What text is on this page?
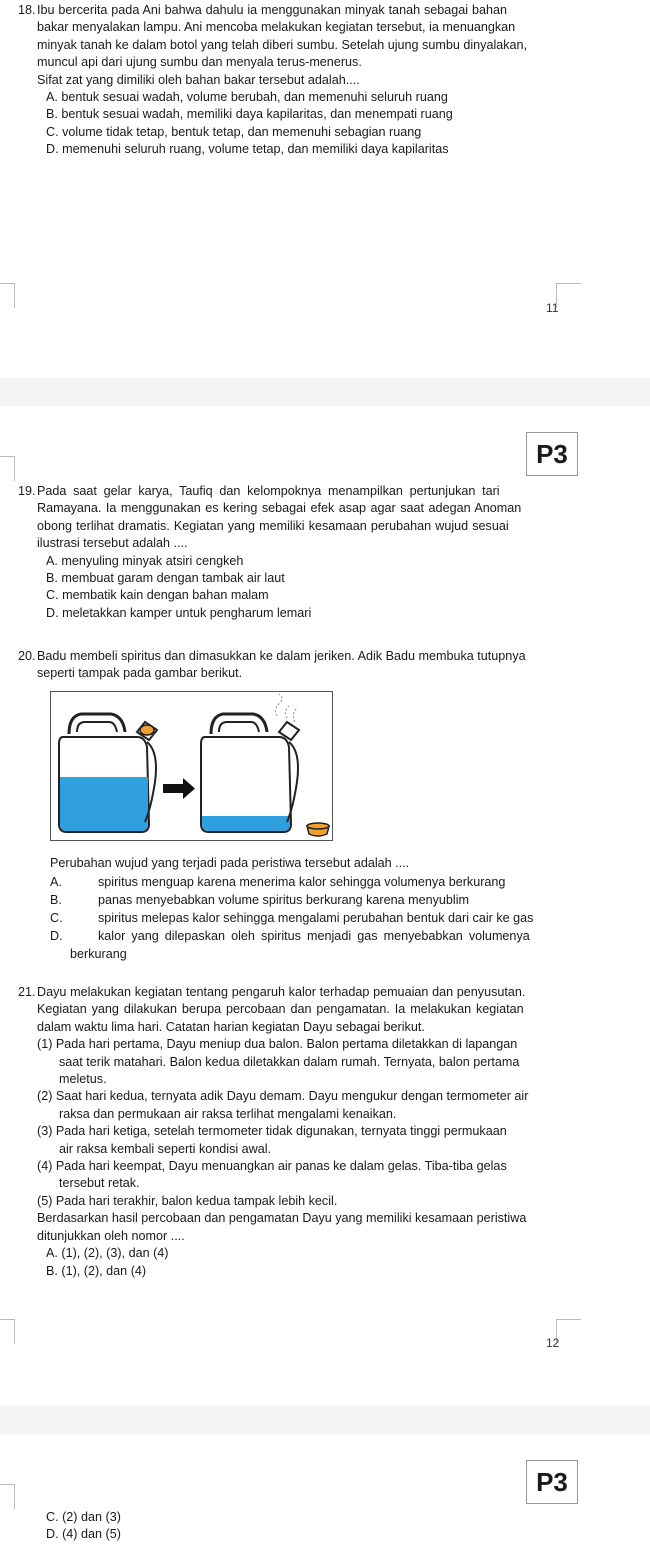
18.Ibu bercerita pada Ani bahwa dahulu ia menggunakan minyak tanah sebagai bahan
bakar menyalakan lampu. Ani mencoba melakukan kegiatan tersebut, ia menuangkan
minyak tanah ke dalam botol yang telah diberi sumbu. Setelah ujung sumbu dinyalakan,
muncul api dari ujung sumbu dan menyala terus-menerus.
Sifat zat yang dimiliki oleh bahan bakar tersebut adalah....
A. bentuk sesuai wadah, volume berubah, dan memenuhi seluruh ruang
B. bentuk sesuai wadah, memiliki daya kapilaritas, dan menempati ruang
C. volume tidak tetap, bentuk tetap, dan memenuhi sebagian ruang
D. memenuhi seluruh ruang, volume tetap, dan memiliki daya kapilaritas
11
P3
19.Pada saat gelar karya, Taufiq dan kelompoknya menampilkan pertunjukan tari
Ramayana. Ia menggunakan es kering sebagai efek asap agar saat adegan Anoman
obong terlihat dramatis. Kegiatan yang memiliki kesamaan perubahan wujud sesuai
ilustrasi tersebut adalah ....
A. menyuling minyak atsiri cengkeh
B. membuat garam dengan tambak air laut
C. membatik kain dengan bahan malam
D. meletakkan kamper untuk pengharum lemari
20.Badu membeli spiritus dan dimasukkan ke dalam jeriken. Adik Badu membuka tutupnya
seperti tampak pada gambar berikut.
Perubahan wujud yang terjadi pada peristiwa tersebut adalah ....
A.	spiritus menguap karena menerima kalor sehingga volumenya berkurang
B.	panas menyebabkan volume spiritus berkurang karena menyublim
C.	spiritus melepas kalor sehingga mengalami perubahan bentuk dari cair ke gas
D.	kalor yang dilepaskan oleh spiritus menjadi gas menyebabkan volumenya
berkurang
21.Dayu melakukan kegiatan tentang pengaruh kalor terhadap pemuaian dan penyusutan.
Kegiatan yang dilakukan berupa percobaan dan pengamatan. Ia melakukan kegiatan
dalam waktu lima hari. Catatan harian kegiatan Dayu sebagai berikut.
(1) Pada hari pertama, Dayu meniup dua balon. Balon pertama diletakkan di lapangan
saat terik matahari. Balon kedua diletakkan dalam rumah. Ternyata, balon pertama
meletus.
(2) Saat hari kedua, ternyata adik Dayu demam. Dayu mengukur dengan termometer air
raksa dan permukaan air raksa terlihat mengalami kenaikan.
(3) Pada hari ketiga, setelah termometer tidak digunakan, ternyata tinggi permukaan
air raksa kembali seperti kondisi awal.
(4) Pada hari keempat, Dayu menuangkan air panas ke dalam gelas. Tiba-tiba gelas
tersebut retak.
(5) Pada hari terakhir, balon kedua tampak lebih kecil.
Berdasarkan hasil percobaan dan pengamatan Dayu yang memiliki kesamaan peristiwa
ditunjukkan oleh nomor ....
A. (1), (2), (3), dan (4)
B. (1), (2), dan (4)
12
P3
C. (2) dan (3)
D. (4) dan (5)
